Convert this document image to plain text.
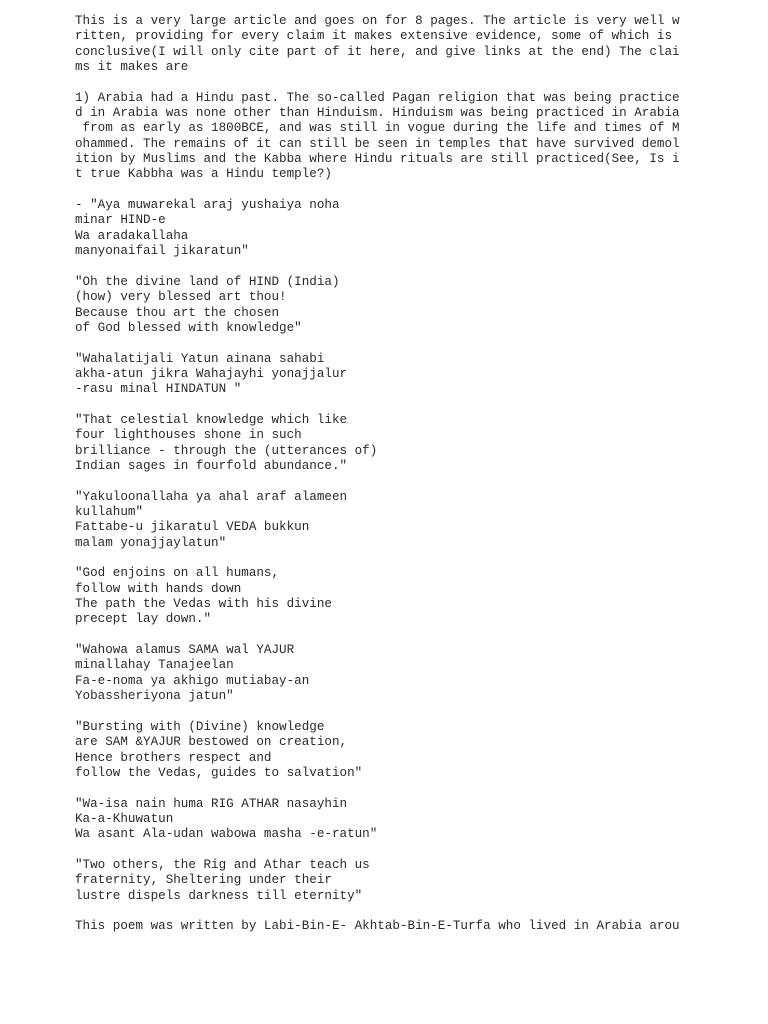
This is a very large article and goes on for 8 pages. The article is very well w
ritten, providing for every claim it makes extensive evidence, some of which is
conclusive(I will only cite part of it here, and give links at the end) The clai
ms it makes are
1) Arabia had a Hindu past. The so-called Pagan religion that was being practice
d in Arabia was none other than Hinduism. Hinduism was being practiced in Arabia
from as early as 1800BCE, and was still in vogue during the life and times of M
ohammed. The remains of it can still be seen in temples that have survived demol
ition by Muslims and the Kabba where Hindu rituals are still practiced(See, Is i
t true Kabbha was a Hindu temple?)
- "Aya muwarekal araj yushaiya noha
minar HIND-e
Wa aradakallaha
manyonaifail jikaratun"
"Oh the divine land of HIND (India)
(how) very blessed art thou!
Because thou art the chosen
of God blessed with knowledge"
"Wahalatijali Yatun ainana sahabi
akha-atun jikra Wahajayhi yonajjalur
-rasu minal HINDATUN "
"That celestial knowledge which like
four lighthouses shone in such
brilliance - through the (utterances of)
Indian sages in fourfold abundance."
"Yakuloonallaha ya ahal araf alameen
kullahum"
Fattabe-u jikaratul VEDA bukkun
malam yonajjaylatun"
"God enjoins on all humans,
follow with hands down
The path the Vedas with his divine
precept lay down."
"Wahowa alamus SAMA wal YAJUR
minallahay Tanajeelan
Fa-e-noma ya akhigo mutiabay-an
Yobassheriyona jatun"
"Bursting with (Divine) knowledge
are SAM &YAJUR bestowed on creation,
Hence brothers respect and
follow the Vedas, guides to salvation"
"Wa-isa nain huma RIG ATHAR nasayhin
Ka-a-Khuwatun
Wa asant Ala-udan wabowa masha -e-ratun"
"Two others, the Rig and Athar teach us
fraternity, Sheltering under their
lustre dispels darkness till eternity"
This poem was written by Labi-Bin-E- Akhtab-Bin-E-Turfa who lived in Arabia arou
